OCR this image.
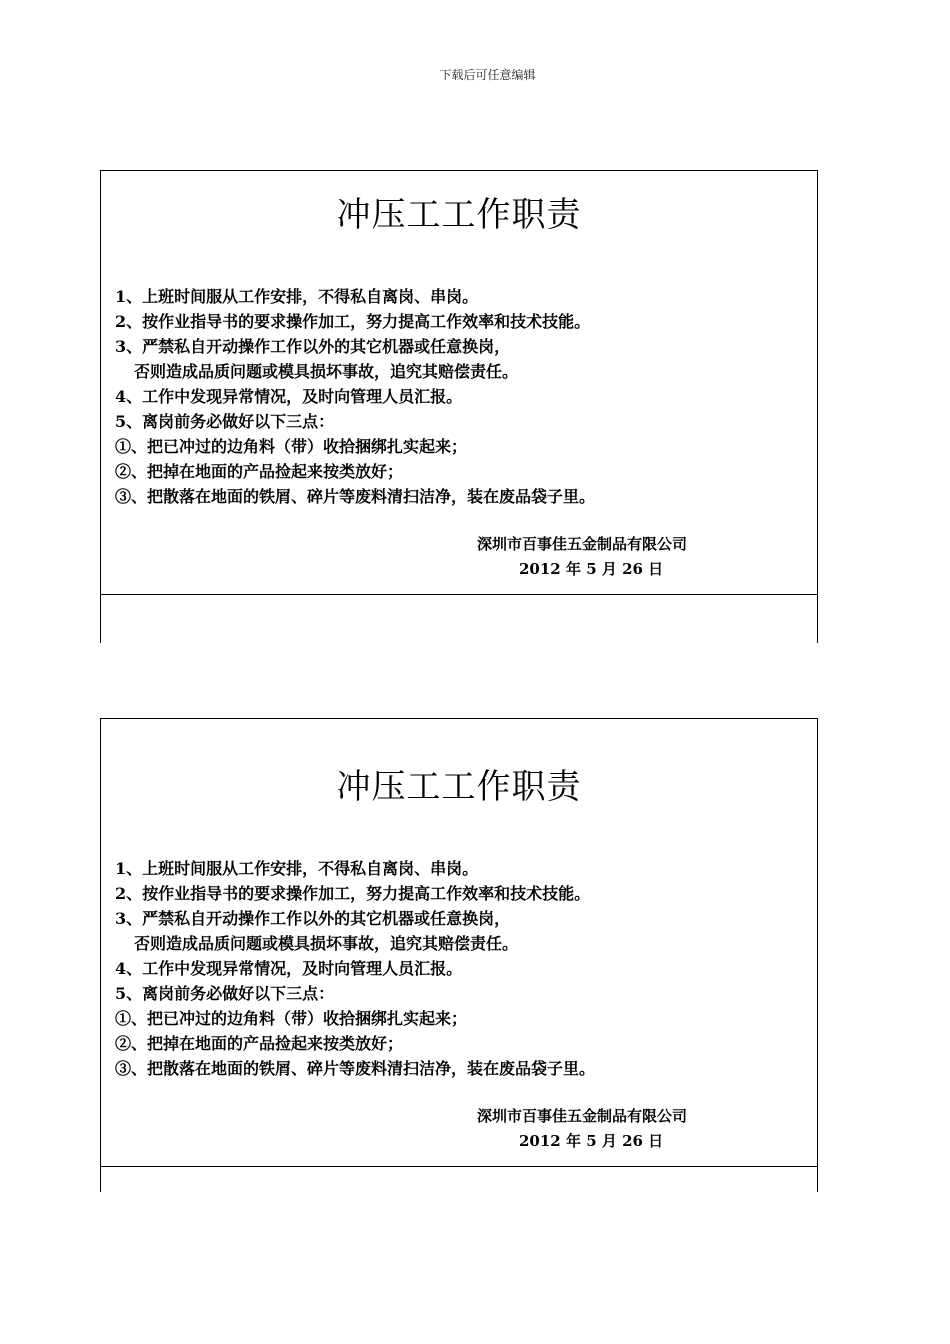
下载后可任意编辑
冲压工工作职责
1、上班时间服从工作安排，不得私自离岗、串岗。
2、按作业指导书的要求操作加工，努力提高工作效率和技术技能。
3、严禁私自开动操作工作以外的其它机器或任意换岗，
否则造成品质问题或模具损坏事故，追究其赔偿责任。
4、工作中发现异常情况，及时向管理人员汇报。
5、离岗前务必做好以下三点：
①、把已冲过的边角料（带）收拾捆绑扎实起来；
②、把掉在地面的产品捡起来按类放好；
③、把散落在地面的铁屑、碎片等废料清扫洁净，装在废品袋子里。
深圳市百事佳五金制品有限公司
2012 年 5 月 26 日
冲压工工作职责
1、上班时间服从工作安排，不得私自离岗、串岗。
2、按作业指导书的要求操作加工，努力提高工作效率和技术技能。
3、严禁私自开动操作工作以外的其它机器或任意换岗，
否则造成品质问题或模具损坏事故，追究其赔偿责任。
4、工作中发现异常情况，及时向管理人员汇报。
5、离岗前务必做好以下三点：
①、把已冲过的边角料（带）收拾捆绑扎实起来；
②、把掉在地面的产品捡起来按类放好；
③、把散落在地面的铁屑、碎片等废料清扫洁净，装在废品袋子里。
深圳市百事佳五金制品有限公司
2012 年 5 月 26 日
